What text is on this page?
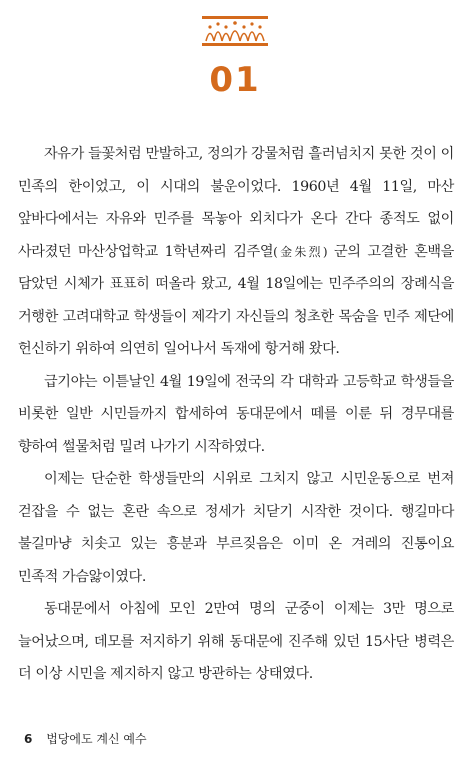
01

자유가 들꽃처럼 만발하고, 정의가 강물처럼 흘러넘치지 못한 것이 이 민족의 한이었고, 이 시대의 불운이었다. 1960년 4월 11일, 마산 앞바다에서는 자유와 민주를 목놓아 외치다가 온다 간다 종적도 없이 사라졌던 마산상업학교 1학년짜리 김주열(金朱烈) 군의 고결한 혼백을 담았던 시체가 표표히 떠올라 왔고, 4월 18일에는 민주주의의 장례식을 거행한 고려대학교 학생들이 제각기 자신들의 청초한 목숨을 민주 제단에 헌신하기 위하여 의연히 일어나서 독재에 항거해 왔다.

급기야는 이튿날인 4월 19일에 전국의 각 대학과 고등학교 학생들을 비롯한 일반 시민들까지 합세하여 동대문에서 떼를 이룬 뒤 경무대를 향하여 썰물처럼 밀려 나가기 시작하였다.

이제는 단순한 학생들만의 시위로 그치지 않고 시민운동으로 번져 걷잡을 수 없는 혼란 속으로 정세가 치닫기 시작한 것이다. 행길마다 불길마냥 치솟고 있는 흥분과 부르짖음은 이미 온 겨레의 진통이요 민족적 가슴앓이였다.

동대문에서 아침에 모인 2만여 명의 군중이 이제는 3만 명으로 늘어났으며, 데모를 저지하기 위해 동대문에 진주해 있던 15사단 병력은 더 이상 시민을 제지하지 않고 방관하는 상태였다.

6 법당에도 계신 예수
